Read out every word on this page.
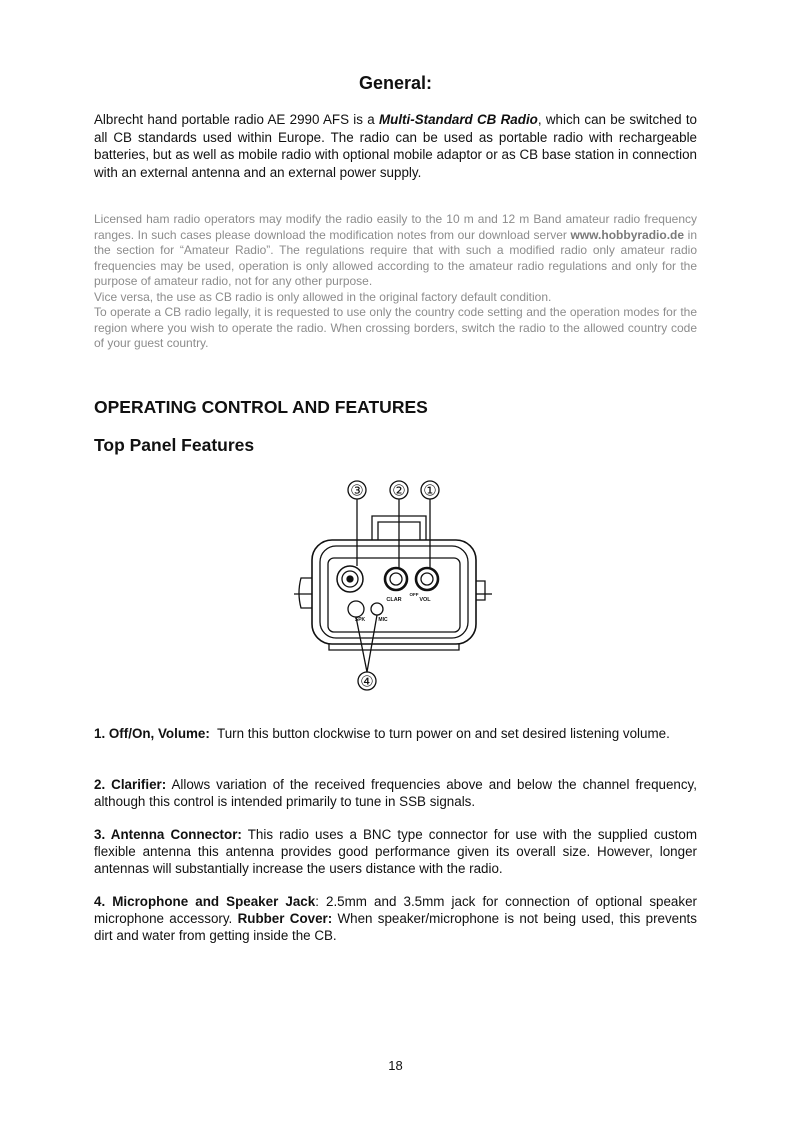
General:

Albrecht hand portable radio AE 2990 AFS is a Multi-Standard CB Radio, which can be switched to all CB standards used within Europe. The radio can be used as portable radio with rechargeable batteries, but as well as mobile radio with optional mobile adaptor or as CB base station in connection with an external antenna and an external power supply.

Licensed ham radio operators may modify the radio easily to the 10 m and 12 m Band amateur radio frequency ranges. In such cases please download the modification notes from our download server www.hobbyradio.de in the section for “Amateur Radio”. The regulations require that with such a modified radio only amateur radio frequencies may be used, operation is only allowed according to the amateur radio regulations and only for the purpose of amateur radio, not for any other purpose.
Vice versa, the use as CB radio is only allowed in the original factory default condition.
To operate a CB radio legally, it is requested to use only the country code setting and the operation modes for the region where you wish to operate the radio. When crossing borders, switch the radio to the allowed country code of your guest country.
OPERATING CONTROL AND FEATURES
Top Panel Features
③ ② ①
④
CLAR	VOL
OFF
SPK	MIC

1. Off/On, Volume:  Turn this button clockwise to turn power on and set desired listening volume.

2. Clarifier: Allows variation of the received frequencies above and below the channel frequency, although this control is intended primarily to tune in SSB signals.

3. Antenna Connector: This radio uses a BNC type connector for use with the supplied custom flexible antenna this antenna provides good performance given its overall size. However, longer antennas will substantially increase the users distance with the radio.

4. Microphone and Speaker Jack: 2.5mm and 3.5mm jack for connection of optional speaker microphone accessory. Rubber Cover: When speaker/microphone is not being used, this prevents dirt and water from getting inside the CB.

18
